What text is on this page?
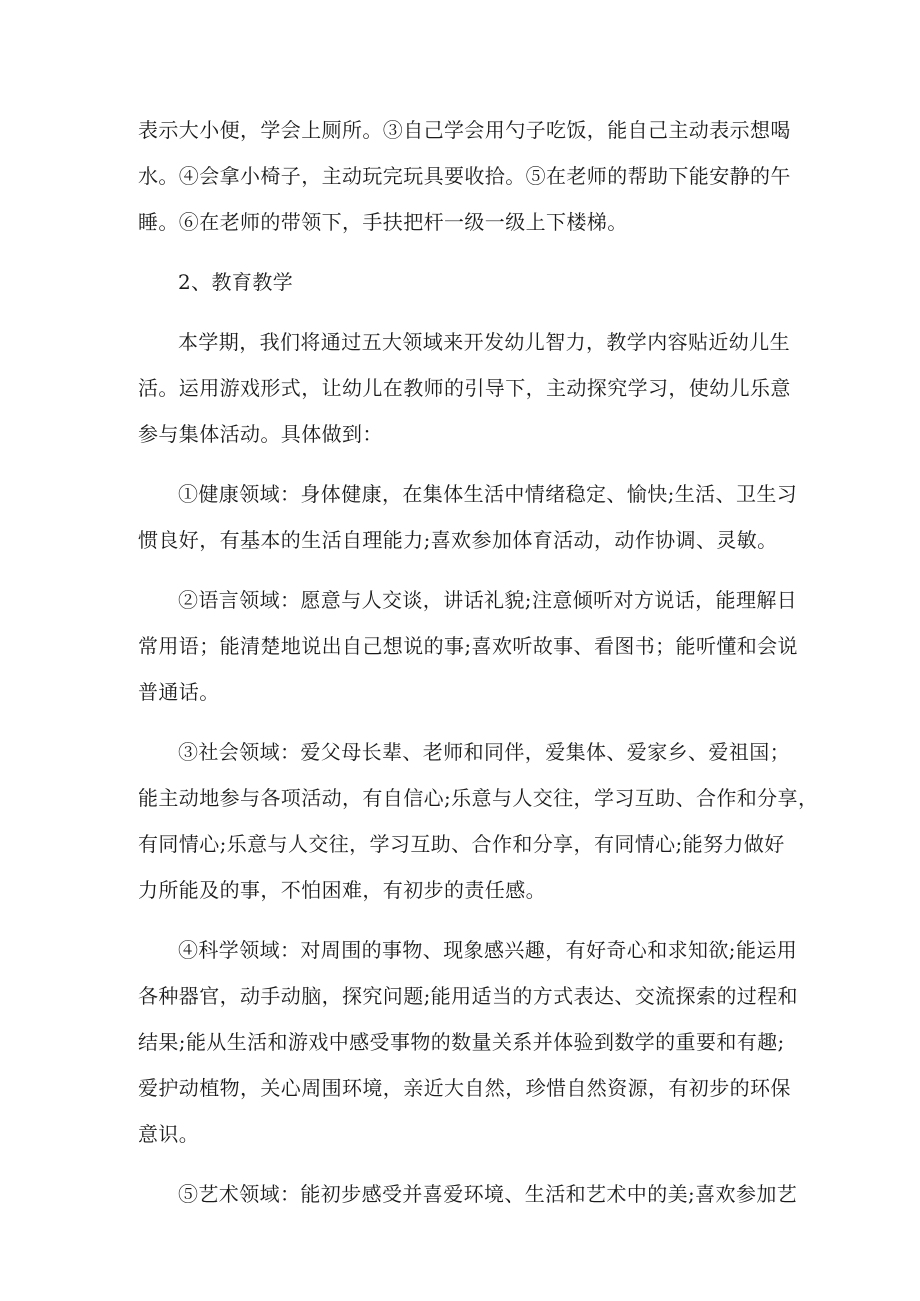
表示大小便，学会上厕所。③自己学会用勺子吃饭，能自己主动表示想喝
水。④会拿小椅子，主动玩完玩具要收拾。⑤在老师的帮助下能安静的午
睡。⑥在老师的带领下，手扶把杆一级一级上下楼梯。

2、教育教学

本学期，我们将通过五大领域来开发幼儿智力，教学内容贴近幼儿生
活。运用游戏形式，让幼儿在教师的引导下，主动探究学习，使幼儿乐意
参与集体活动。具体做到：

①健康领域：身体健康，在集体生活中情绪稳定、愉快;生活、卫生习
惯良好，有基本的生活自理能力;喜欢参加体育活动，动作协调、灵敏。

②语言领域：愿意与人交谈，讲话礼貌;注意倾听对方说话，能理解日
常用语；能清楚地说出自己想说的事;喜欢听故事、看图书；能听懂和会说
普通话。

③社会领域：爱父母长辈、老师和同伴，爱集体、爱家乡、爱祖国；
能主动地参与各项活动，有自信心;乐意与人交往，学习互助、合作和分享，
有同情心;乐意与人交往，学习互助、合作和分享，有同情心;能努力做好
力所能及的事，不怕困难，有初步的责任感。

④科学领域：对周围的事物、现象感兴趣，有好奇心和求知欲;能运用
各种器官，动手动脑，探究问题;能用适当的方式表达、交流探索的过程和
结果;能从生活和游戏中感受事物的数量关系并体验到数学的重要和有趣;
爱护动植物，关心周围环境，亲近大自然，珍惜自然资源，有初步的环保
意识。

⑤艺术领域：能初步感受并喜爱环境、生活和艺术中的美;喜欢参加艺
